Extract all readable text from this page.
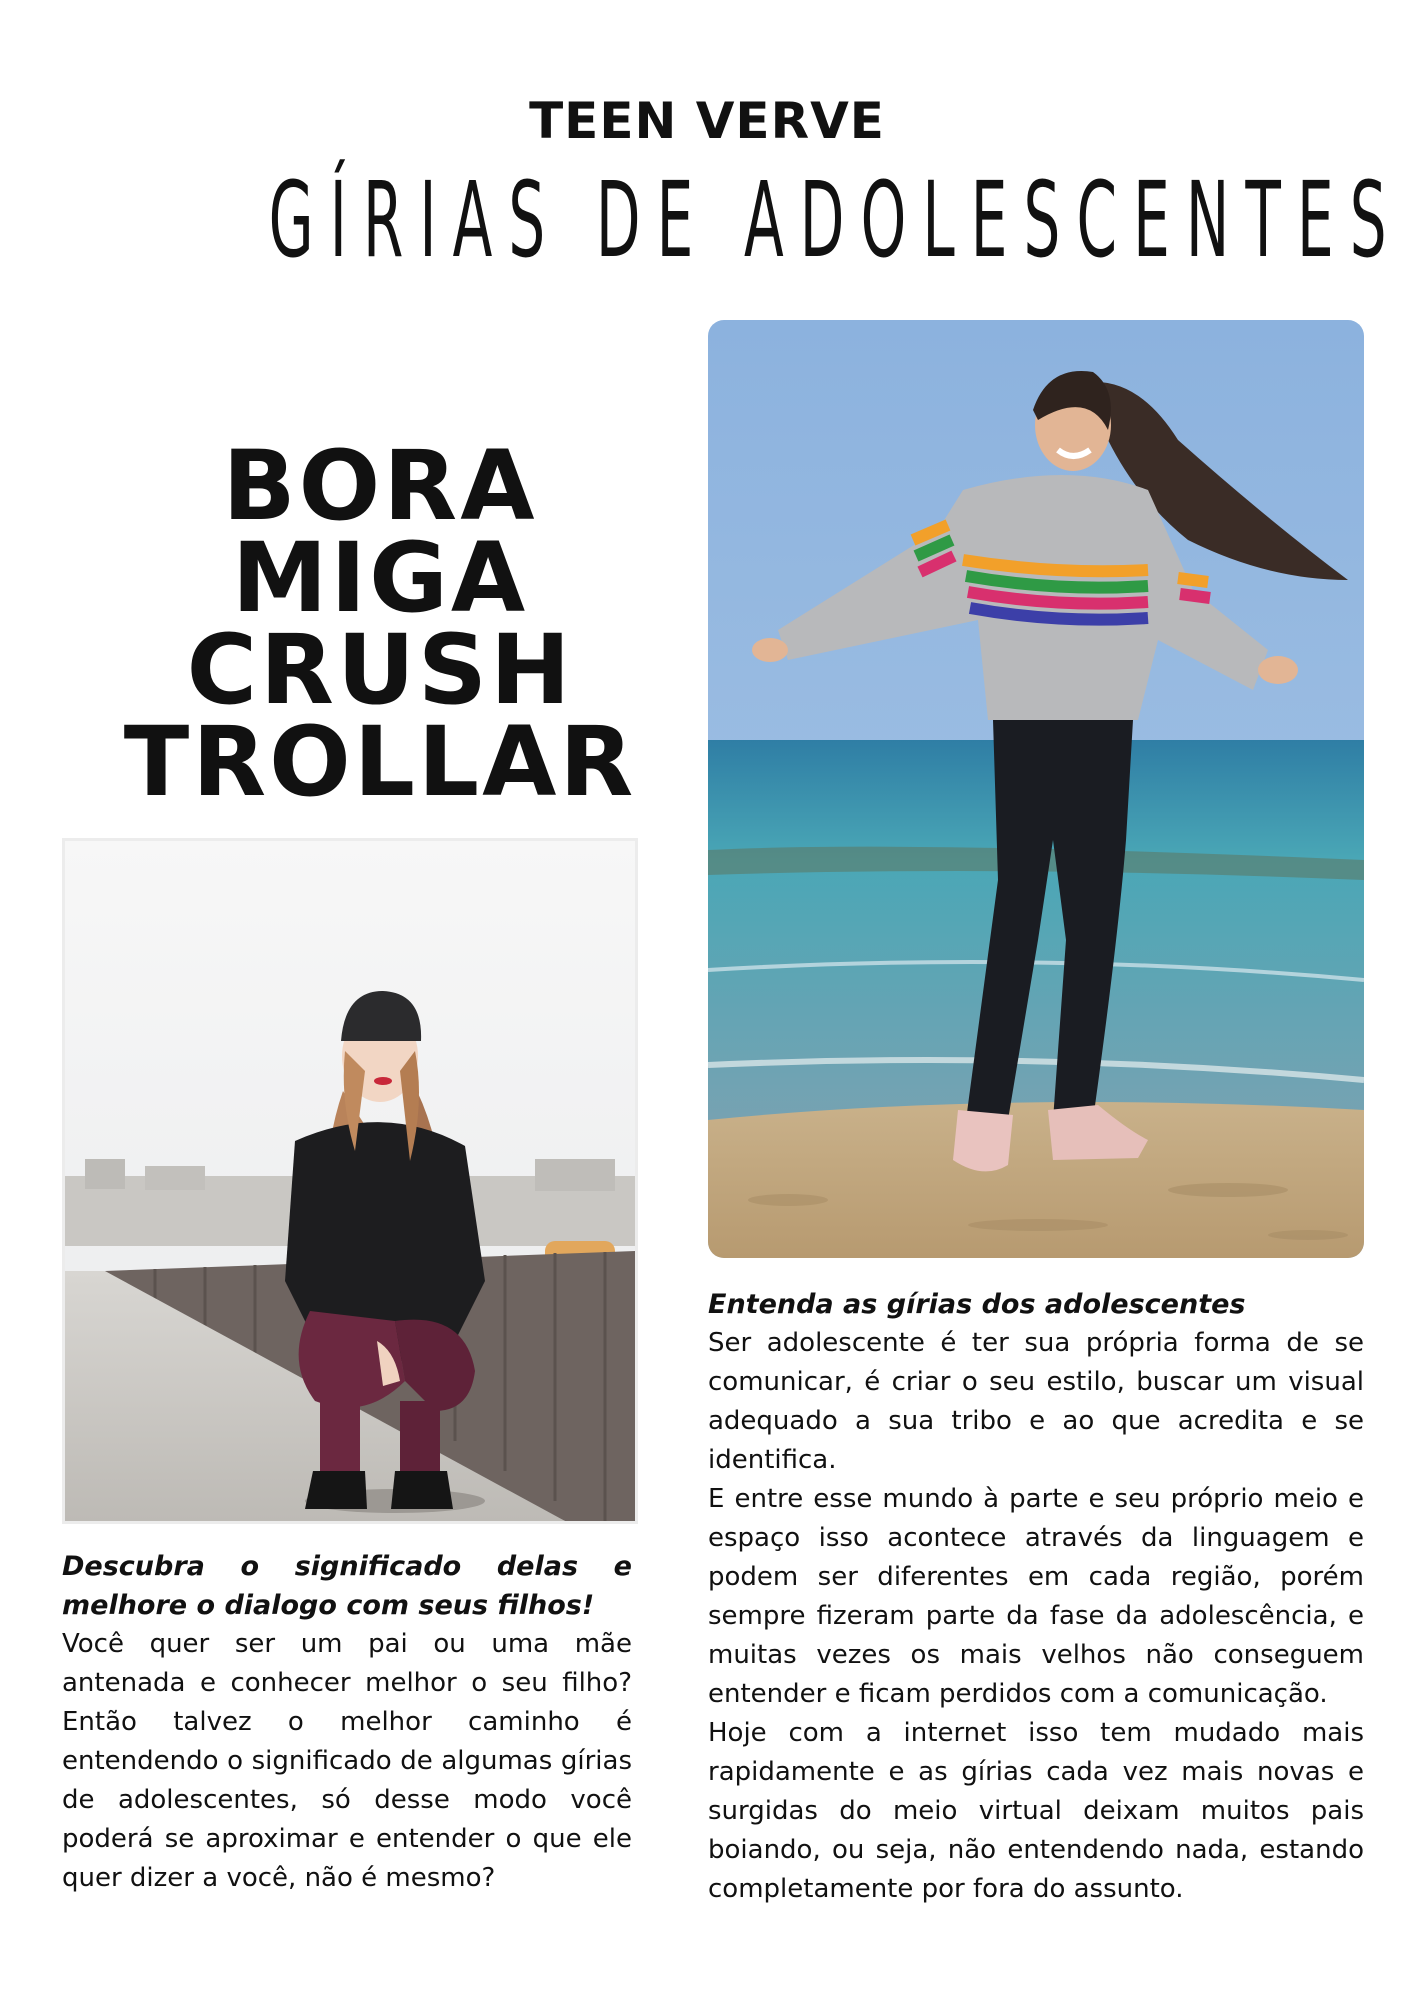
TEEN VERVE
GÍRIAS DE ADOLESCENTES
BORA
MIGA
CRUSH
TROLLAR

Descubra o significado delas e melhore o dialogo com seus filhos!

Você quer ser um pai ou uma mãe antenada e conhecer melhor o seu filho? Então talvez o melhor caminho é entendendo o significado de algumas gírias de adolescentes, só desse modo você poderá se aproximar e entender o que ele quer dizer a você, não é mesmo?

Entenda as gírias dos adolescentes

Ser adolescente é ter sua própria forma de se comunicar, é criar o seu estilo, buscar um visual adequado a sua tribo e ao que acredita e se identifica.

E entre esse mundo à parte e seu próprio meio e espaço isso acontece através da linguagem e podem ser diferentes em cada região, porém sempre fizeram parte da fase da adolescência, e muitas vezes os mais velhos não conseguem entender e ficam perdidos com a comunicação.

Hoje com a internet isso tem mudado mais rapidamente e as gírias cada vez mais novas e surgidas do meio virtual deixam muitos pais boiando, ou seja, não entendendo nada, estando completamente por fora do assunto.
